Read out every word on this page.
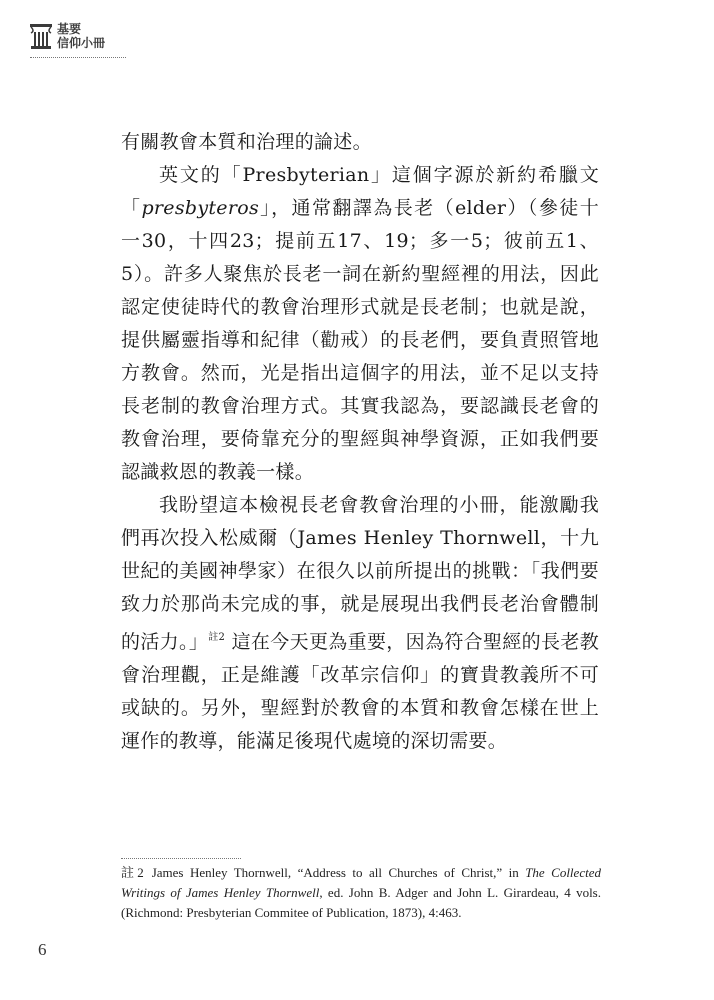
基要
信仰小冊

有關教會本質和治理的論述。

英文的「Presbyterian」這個字源於新約希臘文「presbyteros」，通常翻譯為長老（elder）（參徒十一30，十四23；提前五17、19；多一5；彼前五1、5）。許多人聚焦於長老一詞在新約聖經裡的用法，因此認定使徒時代的教會治理形式就是長老制；也就是說，提供屬靈指導和紀律（勸戒）的長老們，要負責照管地方教會。然而，光是指出這個字的用法，並不足以支持長老制的教會治理方式。其實我認為，要認識長老會的教會治理，要倚靠充分的聖經與神學資源，正如我們要認識救恩的教義一樣。

我盼望這本檢視長老會教會治理的小冊，能激勵我們再次投入松威爾（James Henley Thornwell，十九世紀的美國神學家）在很久以前所提出的挑戰：「我們要致力於那尚未完成的事，就是展現出我們長老治會體制的活力。」$^{註2}$ 這在今天更為重要，因為符合聖經的長老教會治理觀，正是維護「改革宗信仰」的寶貴教義所不可或缺的。另外，聖經對於教會的本質和教會怎樣在世上運作的教導，能滿足後現代處境的深切需要。

註2 James Henley Thornwell, “Address to all Churches of Christ,” in The Collected Writings of James Henley Thornwell, ed. John B. Adger and John L. Girardeau, 4 vols. (Richmond: Presbyterian Commitee of Publication, 1873), 4:463.
6
